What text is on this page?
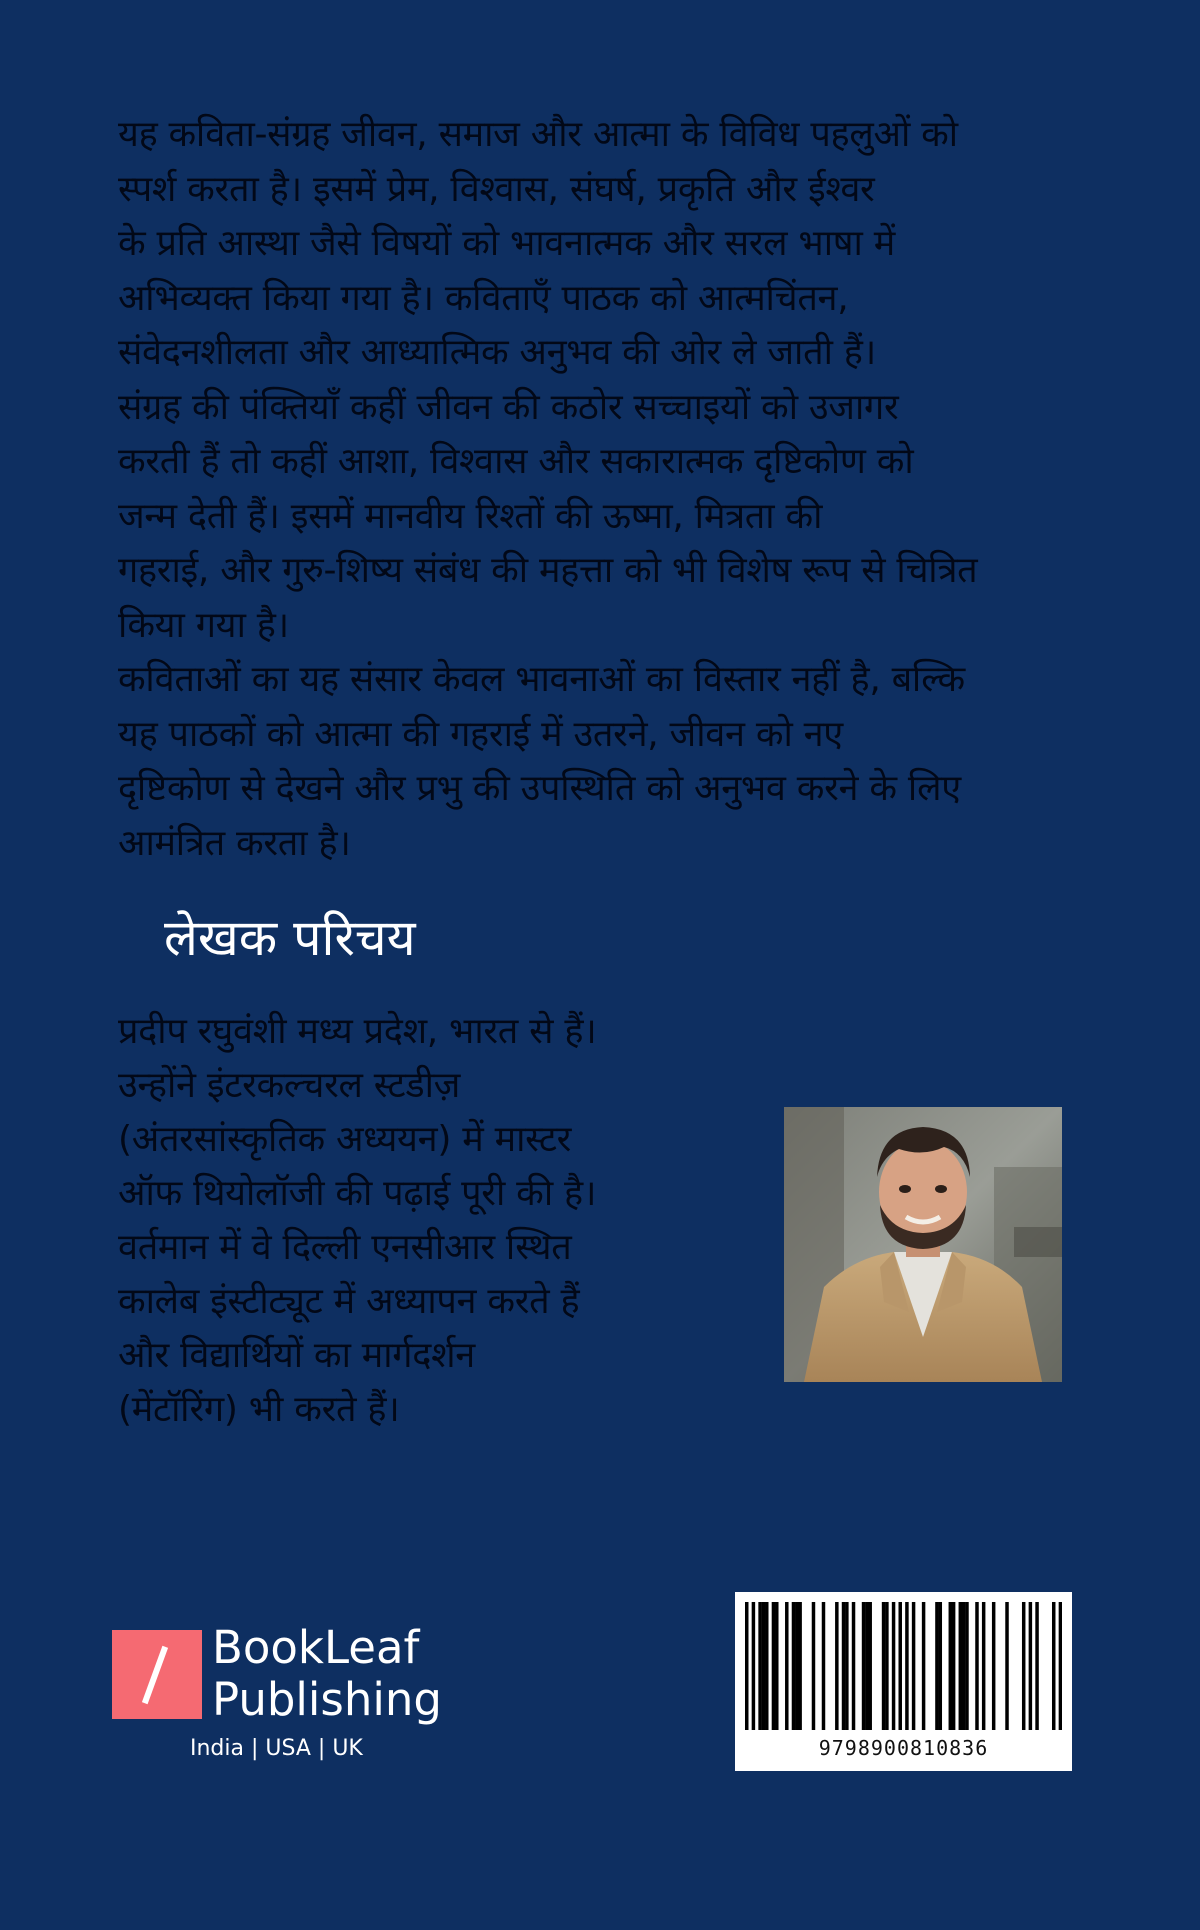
यह कविता-संग्रह जीवन, समाज और आत्मा के विविध पहलुओं को
स्पर्श करता है। इसमें प्रेम, विश्वास, संघर्ष, प्रकृति और ईश्वर
के प्रति आस्था जैसे विषयों को भावनात्मक और सरल भाषा में
अभिव्यक्त किया गया है। कविताएँ पाठक को आत्मचिंतन,
संवेदनशीलता और आध्यात्मिक अनुभव की ओर ले जाती हैं।
संग्रह की पंक्तियाँ कहीं जीवन की कठोर सच्चाइयों को उजागर
करती हैं तो कहीं आशा, विश्वास और सकारात्मक दृष्टिकोण को
जन्म देती हैं। इसमें मानवीय रिश्तों की ऊष्मा, मित्रता की
गहराई, और गुरु-शिष्य संबंध की महत्ता को भी विशेष रूप से चित्रित
किया गया है।
कविताओं का यह संसार केवल भावनाओं का विस्तार नहीं है, बल्कि
यह पाठकों को आत्मा की गहराई में उतरने, जीवन को नए
दृष्टिकोण से देखने और प्रभु की उपस्थिति को अनुभव करने के लिए
आमंत्रित करता है।
लेखक परिचय
प्रदीप रघुवंशी मध्य प्रदेश, भारत से हैं।
उन्होंने इंटरकल्चरल स्टडीज़
(अंतरसांस्कृतिक अध्ययन) में मास्टर
ऑफ थियोलॉजी की पढ़ाई पूरी की है।
वर्तमान में वे दिल्ली एनसीआर स्थित
कालेब इंस्टीट्यूट में अध्यापन करते हैं
और विद्यार्थियों का मार्गदर्शन
(मेंटॉरिंग) भी करते हैं।
BookLeaf
Publishing
India | USA | UK	9798900810836
